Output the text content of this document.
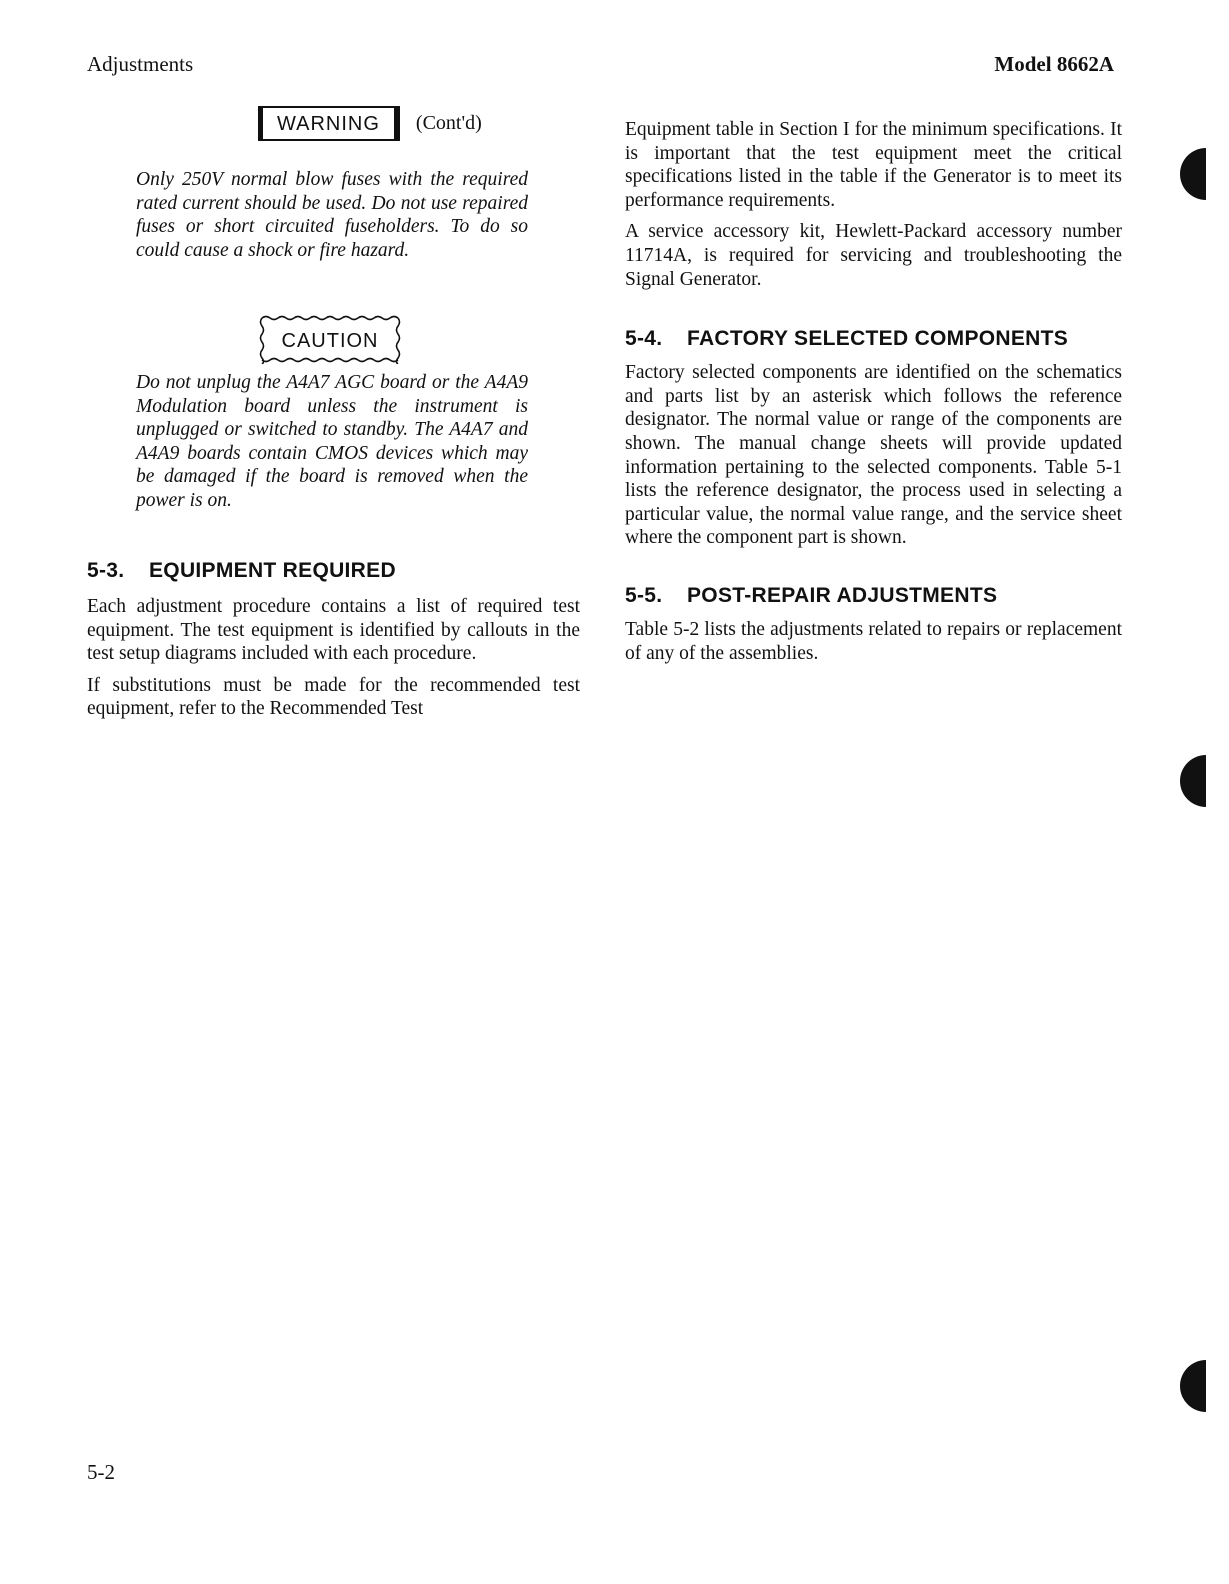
Adjustments	Model 8662A
WARNING	(Cont'd)

Only 250V normal blow fuses with the required rated current should be used. Do not use repaired fuses or short circuited fuseholders. To do so could cause a shock or fire hazard.

CAUTION

Do not unplug the A4A7 AGC board or the A4A9 Modulation board unless the instrument is unplugged or switched to standby. The A4A7 and A4A9 boards contain CMOS devices which may be damaged if the board is removed when the power is on.

5-3. EQUIPMENT REQUIRED

Each adjustment procedure contains a list of required test equipment. The test equipment is identified by callouts in the test setup diagrams included with each procedure.

If substitutions must be made for the recommended test equipment, refer to the Recommended Test

Equipment table in Section I for the minimum specifications. It is important that the test equipment meet the critical specifications listed in the table if the Generator is to meet its performance requirements.

A service accessory kit, Hewlett-Packard accessory number 11714A, is required for servicing and troubleshooting the Signal Generator.

5-4. FACTORY SELECTED COMPONENTS

Factory selected components are identified on the schematics and parts list by an asterisk which follows the reference designator. The normal value or range of the components are shown. The manual change sheets will provide updated information pertaining to the selected components. Table 5-1 lists the reference designator, the process used in selecting a particular value, the normal value range, and the service sheet where the component part is shown.

5-5. POST-REPAIR ADJUSTMENTS

Table 5-2 lists the adjustments related to repairs or replacement of any of the assemblies.

5-2
